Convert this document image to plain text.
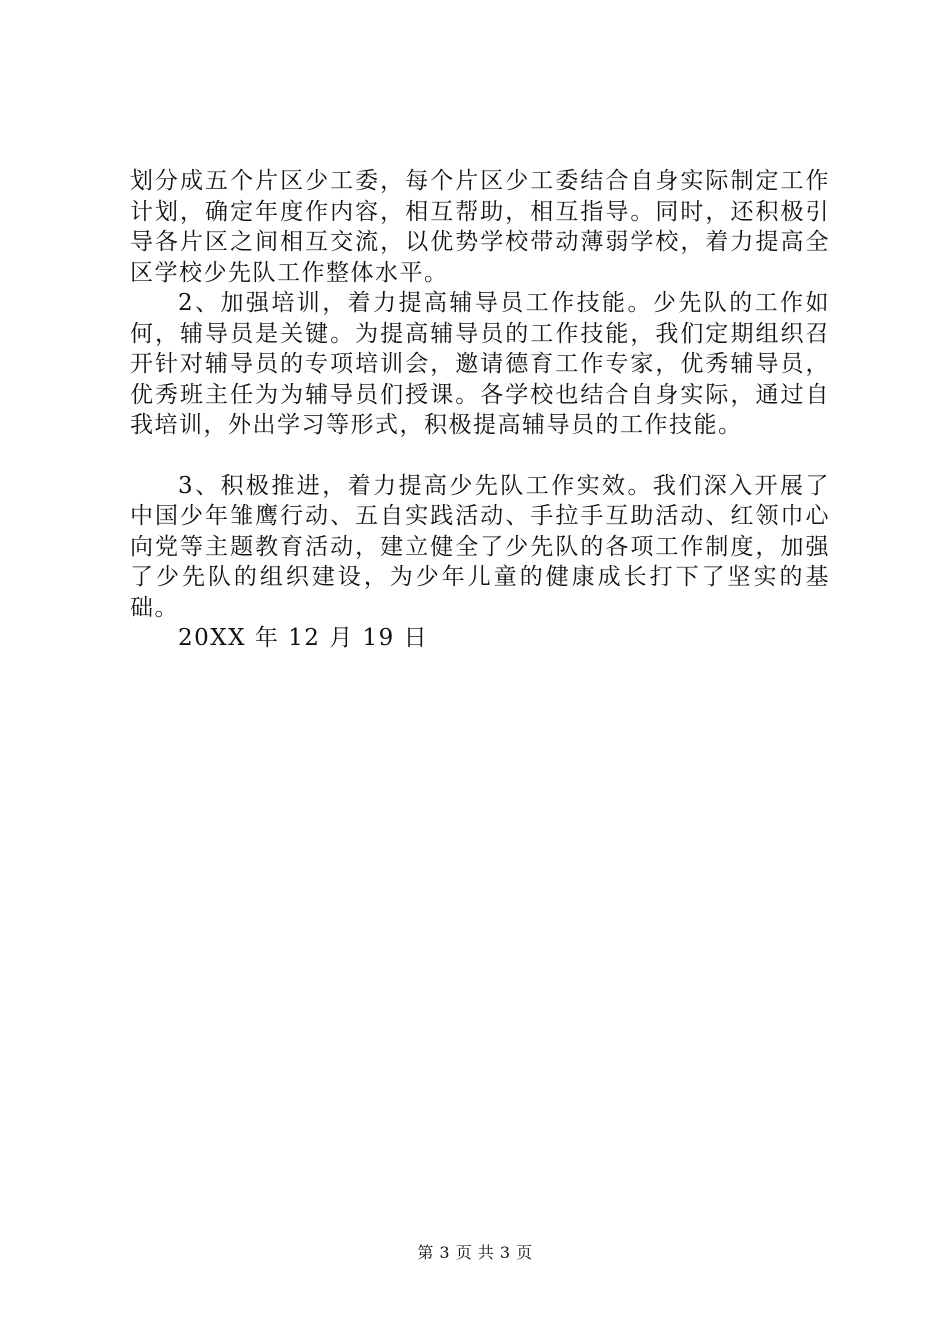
划分成五个片区少工委，每个片区少工委结合自身实际制定工作计划，确定年度作内容，相互帮助，相互指导。同时，还积极引导各片区之间相互交流，以优势学校带动薄弱学校，着力提高全区学校少先队工作整体水平。

2、加强培训，着力提高辅导员工作技能。少先队的工作如何，辅导员是关键。为提高辅导员的工作技能，我们定期组织召开针对辅导员的专项培训会，邀请德育工作专家，优秀辅导员，优秀班主任为为辅导员们授课。各学校也结合自身实际，通过自我培训，外出学习等形式，积极提高辅导员的工作技能。

3、积极推进，着力提高少先队工作实效。我们深入开展了中国少年雏鹰行动、五自实践活动、手拉手互助活动、红领巾心向党等主题教育活动，建立健全了少先队的各项工作制度，加强了少先队的组织建设，为少年儿童的健康成长打下了坚实的基础。

20XX 年 12 月 19 日

第 3 页 共 3 页
